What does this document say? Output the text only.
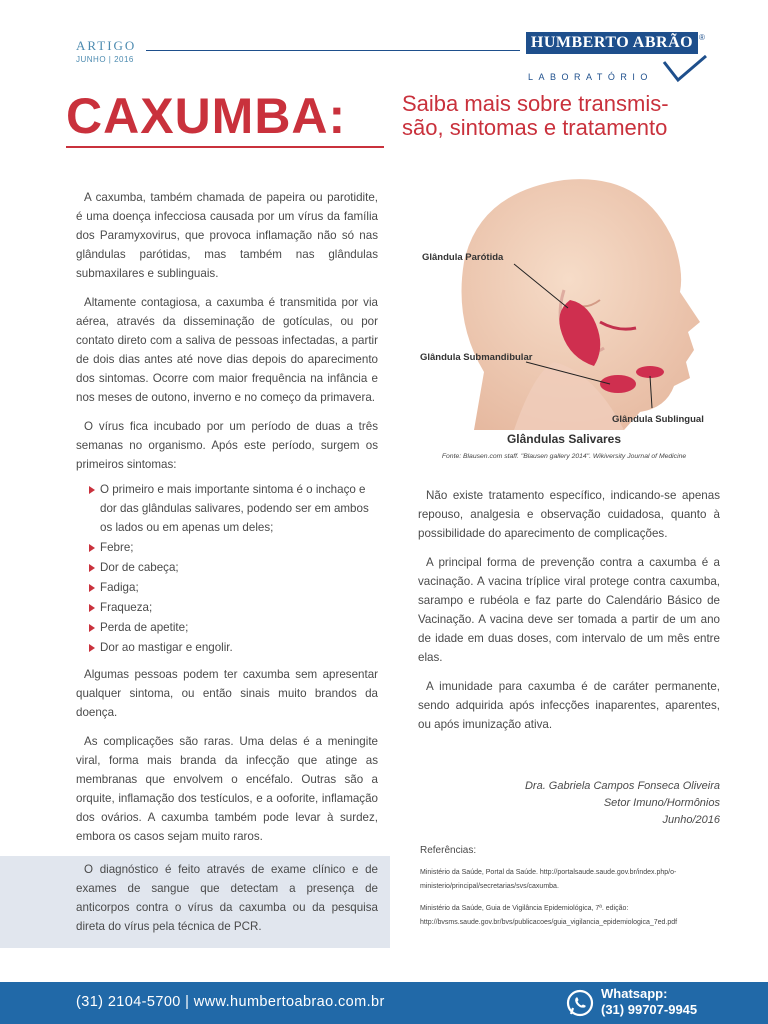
ARTIGO
JUNHO | 2016
HUMBERTO ABRÃO ®
LABORATÓRIO
CAXUMBA:	Saiba mais sobre transmis-
são, sintomas e tratamento

A caxumba, também chamada de papeira ou parotidite, é uma doença infecciosa causada por um vírus da família dos Paramyxovirus, que provoca inflamação não só nas glândulas parótidas, mas também nas glândulas submaxilares e sublinguais.

Altamente contagiosa, a caxumba é transmitida por via aérea, através da disseminação de gotículas, ou por contato direto com a saliva de pessoas infectadas, a partir de dois dias antes até nove dias depois do aparecimento dos sintomas. Ocorre com maior frequência na infância e nos meses de outono, inverno e no começo da primavera.

O vírus fica incubado por um período de duas a três semanas no organismo. Após este período, surgem os primeiros sintomas:

O primeiro e mais importante sintoma é o inchaço e dor das glândulas salivares, podendo ser em ambos os lados ou em apenas um deles;
Febre;
Dor de cabeça;
Fadiga;
Fraqueza;
Perda de apetite;
Dor ao mastigar e engolir.

Algumas pessoas podem ter caxumba sem apresentar qualquer sintoma, ou então sinais muito brandos da doença.

As complicações são raras. Uma delas é a meningite viral, forma mais branda da infecção que atinge as membranas que envolvem o encéfalo. Outras são a orquite, inflamação dos testículos, e a ooforite, inflamação dos ovários. A caxumba também pode levar à surdez, embora os casos sejam muito raros.

O diagnóstico é feito através de exame clínico e de exames de sangue que detectam a presença de anticorpos contra o vírus da caxumba ou da pesquisa direta do vírus pela técnica de PCR.
Glândula Parótida
Glândula Submandibular
Glândula Sublingual
Glândulas Salivares
Fonte: Blausen.com staff. "Blausen gallery 2014". Wikiversity Journal of Medicine

Não existe tratamento específico, indicando-se apenas repouso, analgesia e observação cuidadosa, quanto à possibilidade do aparecimento de complicações.

A principal forma de prevenção contra a caxumba é a vacinação. A vacina tríplice viral protege contra caxumba, sarampo e rubéola e faz parte do Calendário Básico de Vacinação. A vacina deve ser tomada a partir de um ano de idade em duas doses, com intervalo de um mês entre elas.

A imunidade para caxumba é de caráter permanente, sendo adquirida após infecções inaparentes, aparentes, ou após imunização ativa.

Dra. Gabriela Campos Fonseca Oliveira
Setor Imuno/Hormônios
Junho/2016
Referências:

Ministério da Saúde, Portal da Saúde. http://portalsaude.saude.gov.br/index.php/o-ministerio/principal/secretarias/svs/caxumba.

Ministério da Saúde, Guia de Vigilância Epidemiológica, 7ª. edição: http://bvsms.saude.gov.br/bvs/publicacoes/guia_vigilancia_epidemiologica_7ed.pdf

(31) 2104-5700 | www.humbertoabrao.com.br
Whatsapp:
(31) 99707-9945
